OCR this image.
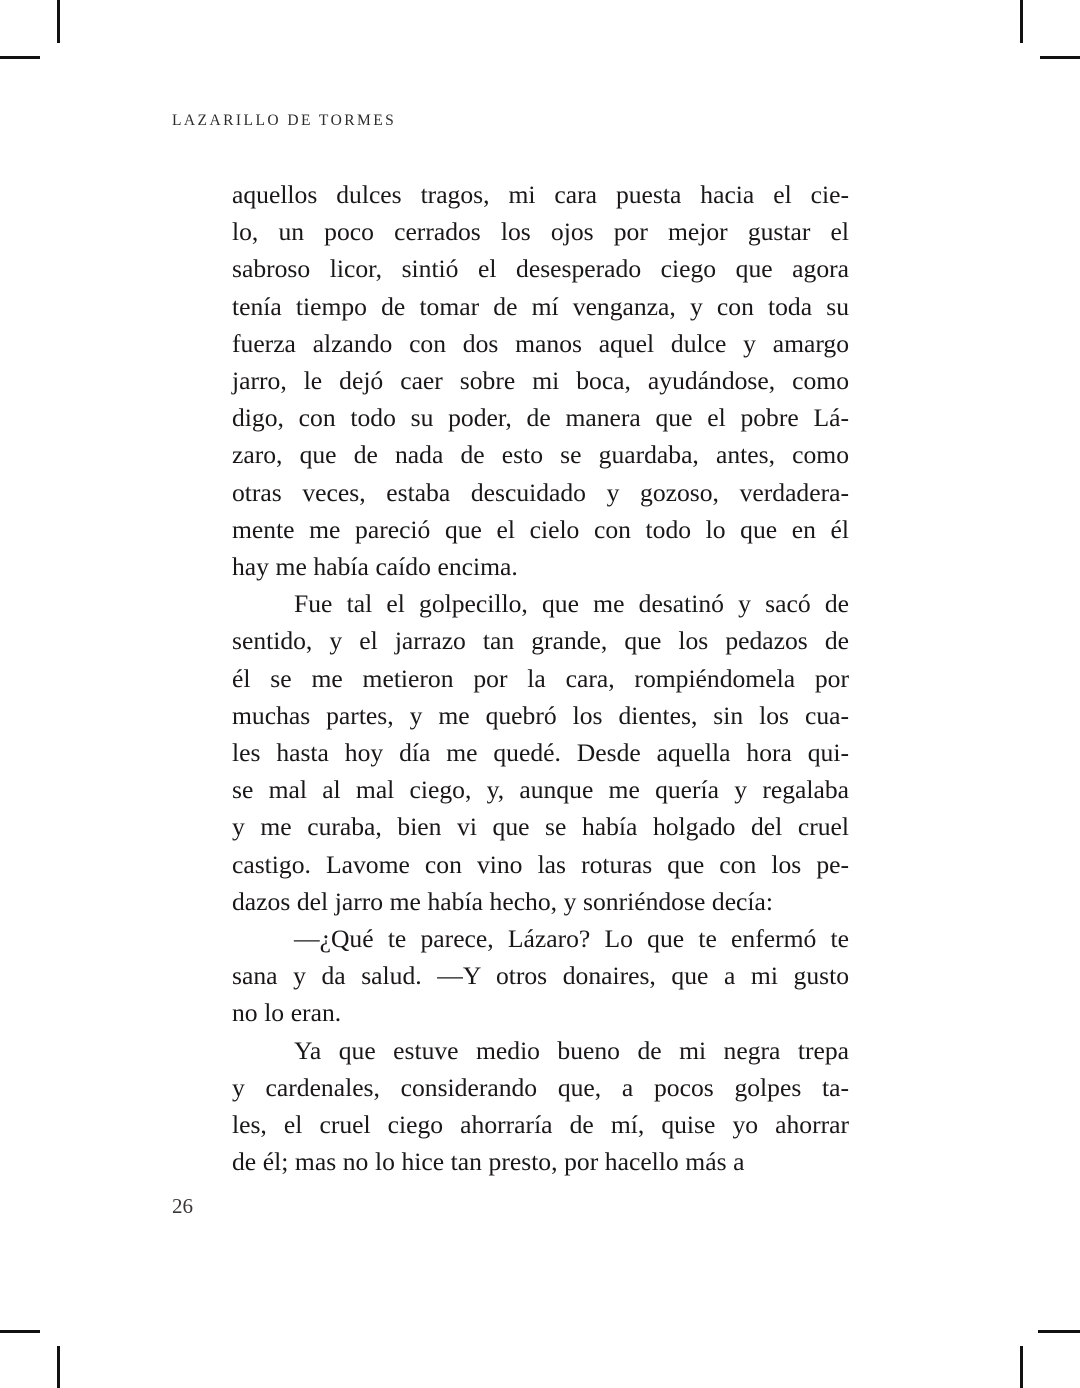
LAZARILLO DE TORMES

aquellos dulces tragos, mi cara puesta hacia el cie-
lo, un poco cerrados los ojos por mejor gustar el
sabroso licor, sintió el desesperado ciego que agora
tenía tiempo de tomar de mí venganza, y con toda su
fuerza alzando con dos manos aquel dulce y amargo
jarro, le dejó caer sobre mi boca, ayudándose, como
digo, con todo su poder, de manera que el pobre Lá-
zaro, que de nada de esto se guardaba, antes, como
otras veces, estaba descuidado y gozoso, verdadera-
mente me pareció que el cielo con todo lo que en él
hay me había caído encima.

Fue tal el golpecillo, que me desatinó y sacó de
sentido, y el jarrazo tan grande, que los pedazos de
él se me metieron por la cara, rompiéndomela por
muchas partes, y me quebró los dientes, sin los cua-
les hasta hoy día me quedé. Desde aquella hora qui-
se mal al mal ciego, y, aunque me quería y regalaba
y me curaba, bien vi que se había holgado del cruel
castigo. Lavome con vino las roturas que con los pe-
dazos del jarro me había hecho, y sonriéndose decía:

—¿Qué te parece, Lázaro? Lo que te enfermó te
sana y da salud. —Y otros donaires, que a mi gusto
no lo eran.

Ya que estuve medio bueno de mi negra trepa
y cardenales, considerando que, a pocos golpes ta-
les, el cruel ciego ahorraría de mí, quise yo ahorrar
de él; mas no lo hice tan presto, por hacello más a

26
